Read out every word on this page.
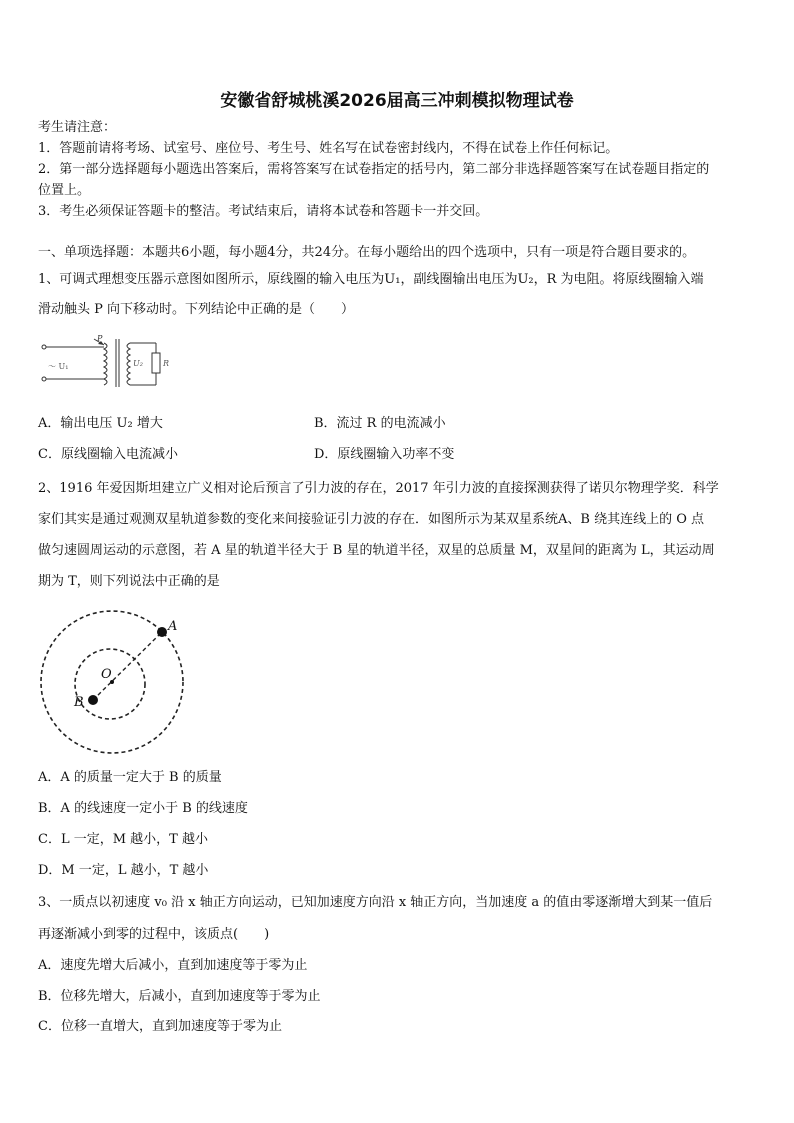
安徽省舒城桃溪2026届高三冲刺模拟物理试卷
考生请注意：
1．答题前请将考场、试室号、座位号、考生号、姓名写在试卷密封线内，不得在试卷上作任何标记。
2．第一部分选择题每小题选出答案后，需将答案写在试卷指定的括号内，第二部分非选择题答案写在试卷题目指定的
位置上。
3．考生必须保证答题卡的整洁。考试结束后，请将本试卷和答题卡一并交回。
一、单项选择题：本题共6小题，每小题4分，共24分。在每小题给出的四个选项中，只有一项是符合题目要求的。
1、可调式理想变压器示意图如图所示，原线圈的输入电压为U₁，副线圈输出电压为U₂，R 为电阻。将原线圈输入端
滑动触头 P 向下移动时。下列结论中正确的是（　　）
P
～ U₁	U₂	R
A．输出电压 U₂ 增大	B．流过 R 的电流减小
C．原线圈输入电流减小	D．原线圈输入功率不变
2、1916 年爱因斯坦建立广义相对论后预言了引力波的存在，2017 年引力波的直接探测获得了诺贝尔物理学奖．科学
家们其实是通过观测双星轨道参数的变化来间接验证引力波的存在．如图所示为某双星系统A、B 绕其连线上的 O 点
做匀速圆周运动的示意图，若 A 星的轨道半径大于 B 星的轨道半径，双星的总质量 M，双星间的距离为 L，其运动周
期为 T，则下列说法中正确的是
A
B
O
A．A 的质量一定大于 B 的质量
B．A 的线速度一定小于 B 的线速度
C．L 一定，M 越小，T 越小
D．M 一定，L 越小，T 越小
3、一质点以初速度 v₀ 沿 x 轴正方向运动，已知加速度方向沿 x 轴正方向，当加速度 a 的值由零逐渐增大到某一值后
再逐渐减小到零的过程中，该质点(　　)
A．速度先增大后减小，直到加速度等于零为止
B．位移先增大，后减小，直到加速度等于零为止
C．位移一直增大，直到加速度等于零为止
